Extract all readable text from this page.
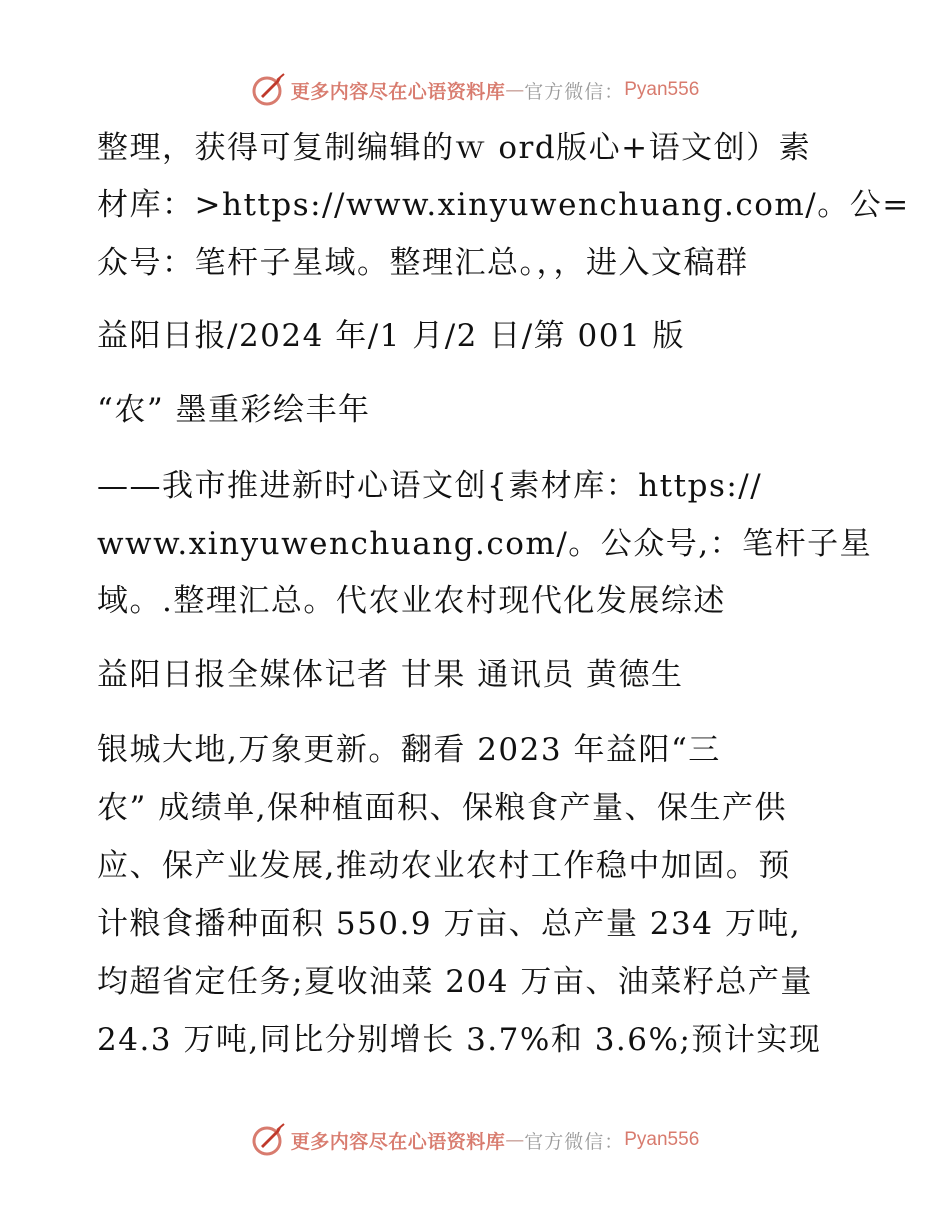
更多内容尽在心语资料库 — 官方微信： Pyan556
整理，获得可复制编辑的ｗ ord版心+语文创）素
材库：>https://www.xinyuwenchuang.com/。公=
众号：笔杆子星域。整理汇总。，，进入文稿群
益阳日报/2024 年/1 月/2 日/第 001 版
“农” 墨重彩绘丰年
——我市推进新时心语文创{素材库：https://
www.xinyuwenchuang.com/。公众号,：笔杆子星
域。.整理汇总。代农业农村现代化发展综述
益阳日报全媒体记者 甘果 通讯员 黄德生
银城大地,万象更新。翻看 2023 年益阳“三
农” 成绩单,保种植面积、保粮食产量、保生产供
应、保产业发展,推动农业农村工作稳中加固。预
计粮食播种面积 550.9 万亩、总产量 234 万吨,
均超省定任务;夏收油菜 204 万亩、油菜籽总产量
24.3 万吨,同比分别增长 3.7%和 3.6%;预计实现
更多内容尽在心语资料库 — 官方微信： Pyan556
